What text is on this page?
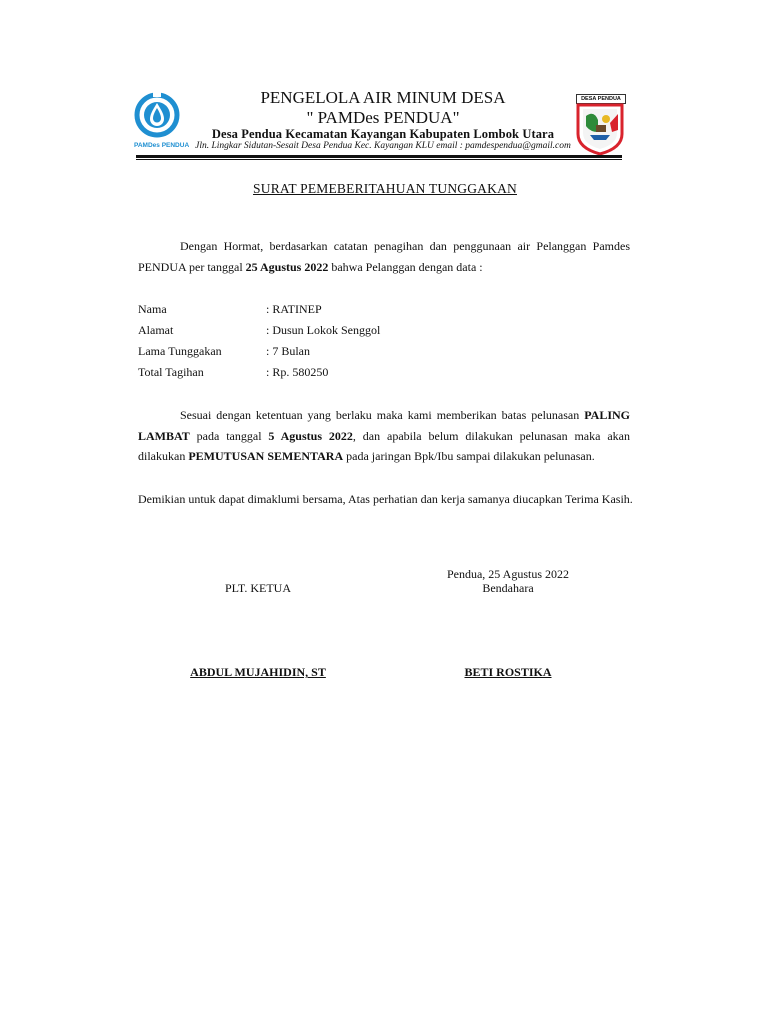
PAMDes PENDUA
PENGELOLA AIR MINUM DESA
" PAMDes PENDUA"
Desa Pendua Kecamatan Kayangan Kabupaten Lombok Utara
Jln. Lingkar Sidutan-Sesait Desa Pendua Kec. Kayangan KLU email : pamdespendua@gmail.com
DESA PENDUA
SURAT PEMEBERITAHUAN TUNGGAKAN
Dengan Hormat, berdasarkan catatan penagihan dan penggunaan air Pelanggan Pamdes PENDUA per tanggal 25 Agustus 2022 bahwa Pelanggan dengan data :
Nama	: RATINEP
Alamat	: Dusun Lokok Senggol
Lama Tunggakan	: 7 Bulan
Total Tagihan	: Rp. 580250
Sesuai dengan ketentuan yang berlaku maka kami memberikan batas pelunasan PALING LAMBAT pada tanggal 5 Agustus 2022, dan apabila belum dilakukan pelunasan maka akan dilakukan PEMUTUSAN SEMENTARA pada jaringan Bpk/Ibu sampai dilakukan pelunasan.
Demikian untuk dapat dimaklumi bersama, Atas perhatian dan kerja samanya diucapkan Terima Kasih.
Pendua, 25 Agustus 2022
PLT. KETUA	Bendahara
ABDUL MUJAHIDIN, ST	BETI ROSTIKA
